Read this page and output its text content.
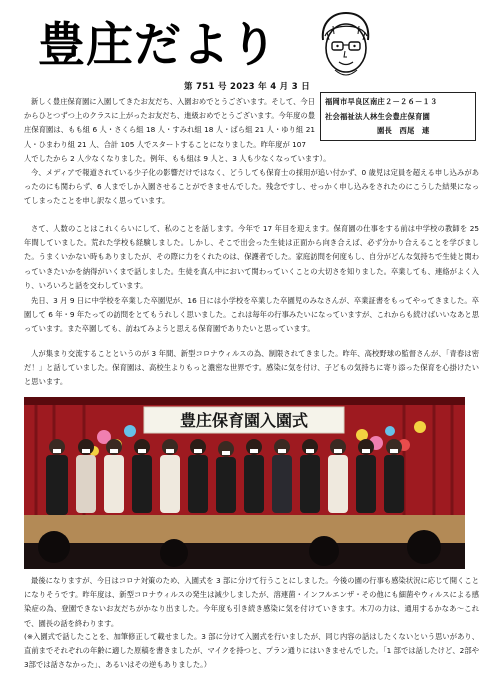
豊庄だより
第 751 号 2023 年 4 月 3 日
福岡市早良区南庄２－２６－１３
社会福祉法人林生会豊庄保育園
園長　西尾　連

新しく豊庄保育園に入園してきたお友だち、入園おめでとうございます。そして、今日からひとつずつ上のクラスに上がったお友だち、進級おめでとうございます。今年度の豊庄保育園は、もも組 6 人・さくら組 18 人・すみれ組 18 人・ばら組 21 人・ゆり組 21 人・ひまわり組 21 人、合計 105 人でスタートすることになりました。昨年度が 107

人でしたから 2 人少なくなりました。例年、もも組は 9 人と、3 人も少なくなっています）。

今、メディアで報道されている少子化の影響だけではなく、どうしても保育士の採用が追い付かず、0 歳児は定員を超える申し込みがあったのにも関わらず、6 人までしか入園させることができませんでした。残念ですし、せっかく申し込みをされたのにこうした結果になってしまったことを申し訳なく思っています。

さて、人数のことはこれくらいにして、私のことを話します。今年で 17 年目を迎えます。保育園の仕事をする前は中学校の教師を 25 年間していました。荒れた学校も経験しました。しかし、そこで出会った生徒は正面から向き合えば、必ず分かり合えることを学びました。うまくいかない時もありましたが、その際に力をくれたのは、保護者でした。家庭訪問を何度もし、自分がどんな気持ちで生徒と関わっていきたいかを納得がいくまで話しました。生徒を真ん中において関わっていくことの大切さを知りました。卒業しても、連絡がよく入り、いろいろと話を交わしています。

先日、3 月 9 日に中学校を卒業した卒園児が、16 日には小学校を卒業した卒園児のみなさんが、卒業証書をもってやってきました。卒園して 6 年・9 年たっての訪問をとてもうれしく思いました。これは毎年の行事みたいになっていますが、これからも続けばいいなあと思っています。また卒園しても、訪ねてみようと思える保育園でありたいと思っています。

人が集まり交流することというのが 3 年間、新型コロナウィルスの為、制限されてきました。昨年、高校野球の監督さんが、「青春は密だ！」と話していました。保育園は、高校生よりもっと濃密な世界です。感染に気を付け、子どもの気持ちに寄り添った保育を心掛けたいと思います。

豊庄保育園入園式

最後になりますが、今日はコロナ対策のため、入園式を 3 部に分けて行うことにしました。今後の園の行事も感染状況に応じて開くことになりそうです。昨年度は、新型コロナウィルスの発生は減少しましたが、溶連菌・インフルエンザ・その他にも細菌やウィルスによる感染症の為、登園できないお友だちがかなり出ました。今年度も引き続き感染に気を付けていきます。木刀の力は、通用するかなあ～これで、園長の話を終わります。

(※入園式で話したことを、加筆修正して載せました。3 部に分けて入園式を行いましたが、同じ内容の話はしたくないという思いがあり、直前までそれぞれの年齢に適した原稿を書きましたが、マイクを持つと、プラン通りにはいきませんでした。「1 部では話したけど、2部や3部では話さなかった」、あるいはその逆もありました。）
